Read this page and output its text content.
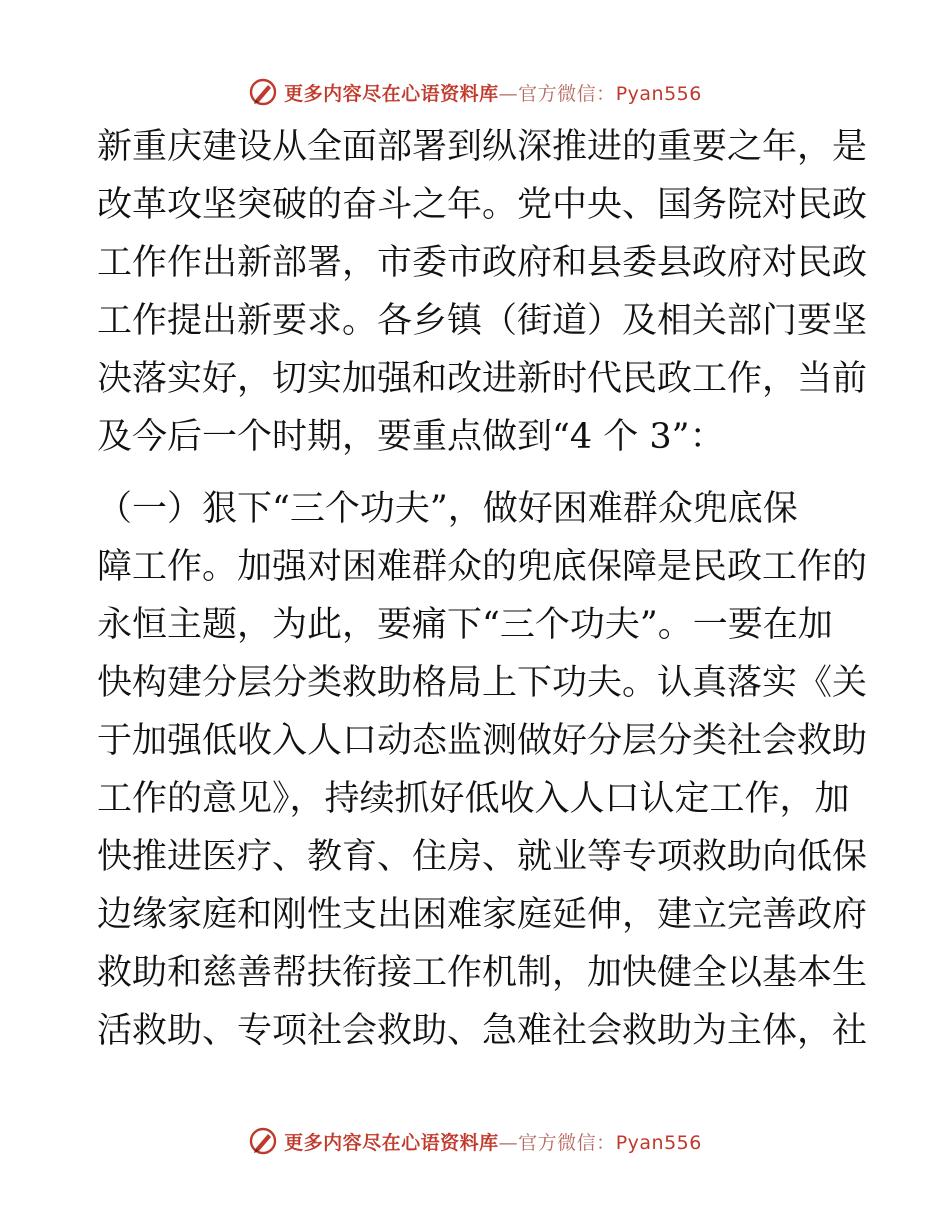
更多内容尽在心语资料库—官方微信：Pyan556
新重庆建设从全面部署到纵深推进的重要之年，是
改革攻坚突破的奋斗之年。党中央、国务院对民政
工作作出新部署，市委市政府和县委县政府对民政
工作提出新要求。各乡镇（街道）及相关部门要坚
决落实好，切实加强和改进新时代民政工作，当前
及今后一个时期，要重点做到“4 个 3”：
（一）狠下“三个功夫”，做好困难群众兜底保
障工作。加强对困难群众的兜底保障是民政工作的
永恒主题，为此，要痛下“三个功夫”。一要在加
快构建分层分类救助格局上下功夫。认真落实《关
于加强低收入人口动态监测做好分层分类社会救助
工作的意见》，持续抓好低收入人口认定工作，加
快推进医疗、教育、住房、就业等专项救助向低保
边缘家庭和刚性支出困难家庭延伸，建立完善政府
救助和慈善帮扶衔接工作机制，加快健全以基本生
活救助、专项社会救助、急难社会救助为主体，社
更多内容尽在心语资料库—官方微信：Pyan556
